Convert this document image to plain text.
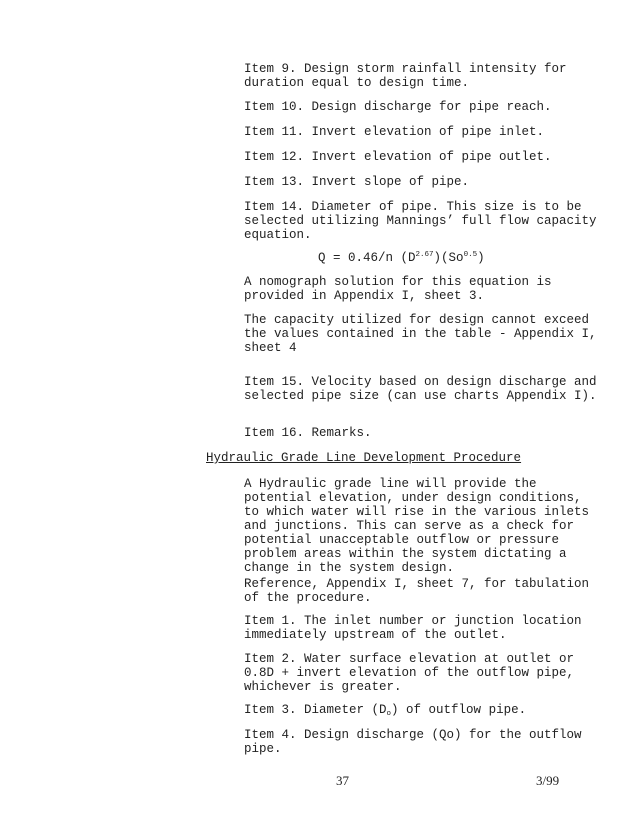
Item 9. Design storm rainfall intensity for duration equal to design time.

Item 10. Design discharge for pipe reach.

Item 11. Invert elevation of pipe inlet.

Item 12. Invert elevation of pipe outlet.

Item 13. Invert slope of pipe.

Item 14. Diameter of pipe. This size is to be selected utilizing Mannings’ full flow capacity equation.

Q = 0.46/n $(D^{2.67})(So^{0.5})$

A nomograph solution for this equation is provided in Appendix I, sheet 3.

The capacity utilized for design cannot exceed the values contained in the table - Appendix I, sheet 4

Item 15. Velocity based on design discharge and selected pipe size (can use charts Appendix I).

Item 16. Remarks.

Hydraulic Grade Line Development Procedure

A Hydraulic grade line will provide the potential elevation, under design conditions, to which water will rise in the various inlets and junctions. This can serve as a check for potential unacceptable outflow or pressure problem areas within the system dictating a change in the system design.

Reference, Appendix I, sheet 7, for tabulation of the procedure.

Item 1. The inlet number or junction location immediately upstream of the outlet.

Item 2. Water surface elevation at outlet or 0.8D + invert elevation of the outflow pipe, whichever is greater.

Item 3. Diameter $(D_o)$ of outflow pipe.

Item 4. Design discharge (Qo) for the outflow pipe.

37	3/99
